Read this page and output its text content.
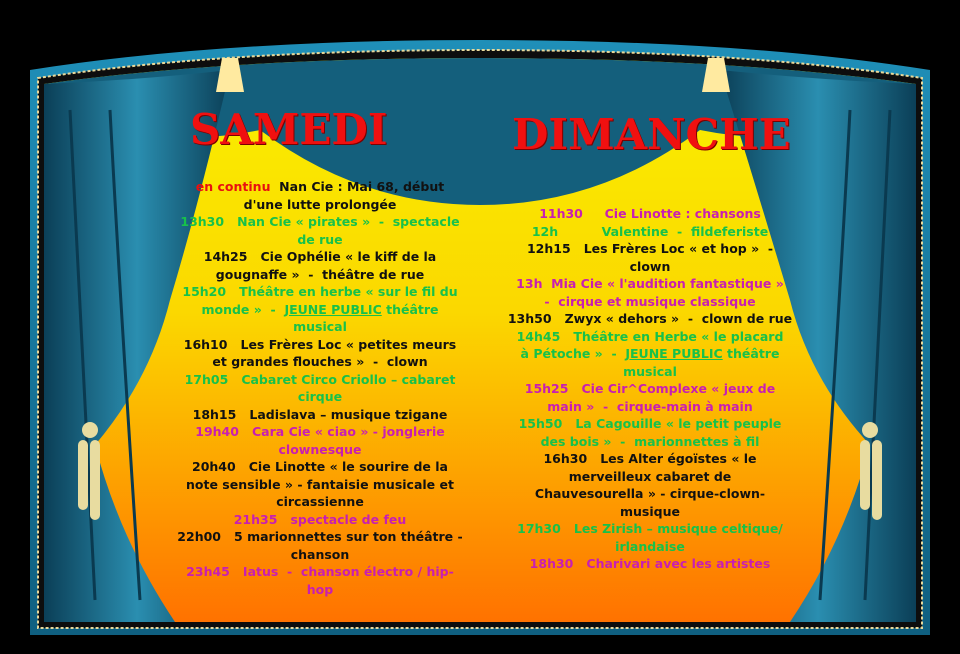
SAMEDI	DIMANCHE
en continu  Nan Cie : Mai 68, début
d'une lutte prolongée
13h30   Nan Cie « pirates »  -  spectacle
de rue
14h25   Cie Ophélie « le kiff de la
gougnaffe »  -  théâtre de rue
15h20   Théâtre en herbe « sur le fil du
monde »  -  JEUNE PUBLIC théâtre
musical
16h10   Les Frères Loc « petites meurs
et grandes flouches »  -  clown
17h05   Cabaret Circo Criollo – cabaret
cirque
18h15   Ladislava – musique tzigane
19h40   Cara Cie « ciao » - jonglerie
clownesque
20h40   Cie Linotte « le sourire de la
note sensible » - fantaisie musicale et
circassienne
21h35   spectacle de feu
22h00   5 marionnettes sur ton théâtre -
chanson
23h45   Iatus  -  chanson électro / hip-
hop
11h30     Cie Linotte : chansons
12h          Valentine  -  fildeferiste
12h15   Les Frères Loc « et hop »  -
clown
13h  Mia Cie « l'audition fantastique »
-  cirque et musique classique
13h50   Zwyx « dehors »  -  clown de rue
14h45   Théâtre en Herbe « le placard
à Pétoche »  -  JEUNE PUBLIC théâtre
musical
15h25   Cie Cir^Complexe « jeux de
main »  -  cirque-main à main
15h50   La Cagouille « le petit peuple
des bois »  -  marionnettes à fil
16h30   Les Alter égoïstes « le
merveilleux cabaret de
Chauvesourella » - cirque-clown-
musique
17h30   Les Zirish – musique celtique/
irlandaise
18h30   Charivari avec les artistes
